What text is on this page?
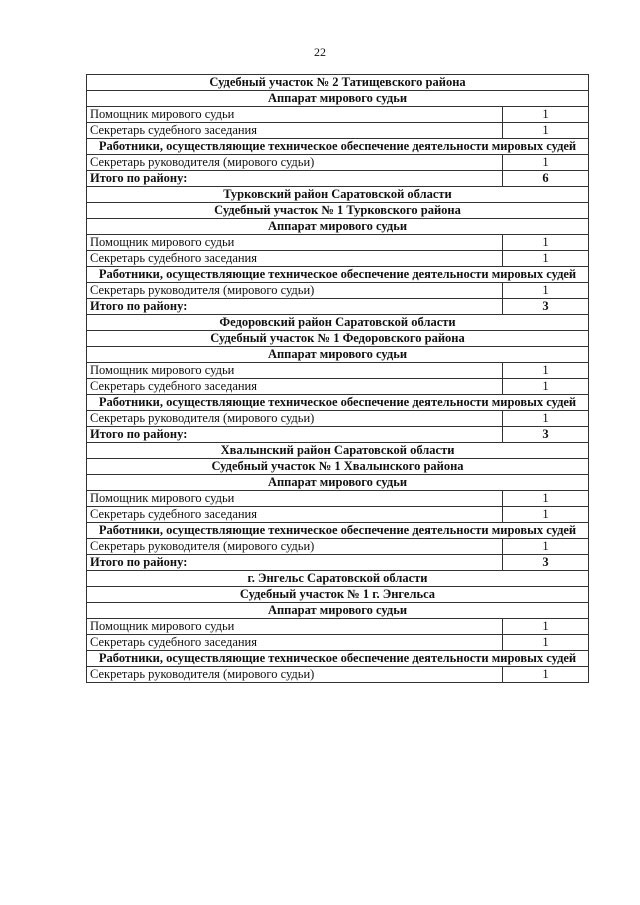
22
Судебный участок № 2 Татищевского района	
Аппарат мирового судьи	
Помощник мирового судьи	1
Секретарь судебного заседания	1
Работники, осуществляющие техническое обеспечение деятельности мировых судей	
Секретарь руководителя (мирового судьи)	1
Итого по району:	6
Турковский район Саратовской области	
Судебный участок № 1 Турковского района	
Аппарат мирового судьи	
Помощник мирового судьи	1
Секретарь судебного заседания	1
Работники, осуществляющие техническое обеспечение деятельности мировых судей	
Секретарь руководителя (мирового судьи)	1
Итого по району:	3
Федоровский район Саратовской области	
Судебный участок № 1 Федоровского района	
Аппарат мирового судьи	
Помощник мирового судьи	1
Секретарь судебного заседания	1
Работники, осуществляющие техническое обеспечение деятельности мировых судей	
Секретарь руководителя (мирового судьи)	1
Итого по району:	3
Хвалынский район Саратовской области	
Судебный участок № 1 Хвалынского района	
Аппарат мирового судьи	
Помощник мирового судьи	1
Секретарь судебного заседания	1
Работники, осуществляющие техническое обеспечение деятельности мировых судей	
Секретарь руководителя (мирового судьи)	1
Итого по району:	3
г. Энгельс Саратовской области	
Судебный участок № 1 г. Энгельса	
Аппарат мирового судьи	
Помощник мирового судьи	1
Секретарь судебного заседания	1
Работники, осуществляющие техническое обеспечение деятельности мировых судей	
Секретарь руководителя (мирового судьи)	1
